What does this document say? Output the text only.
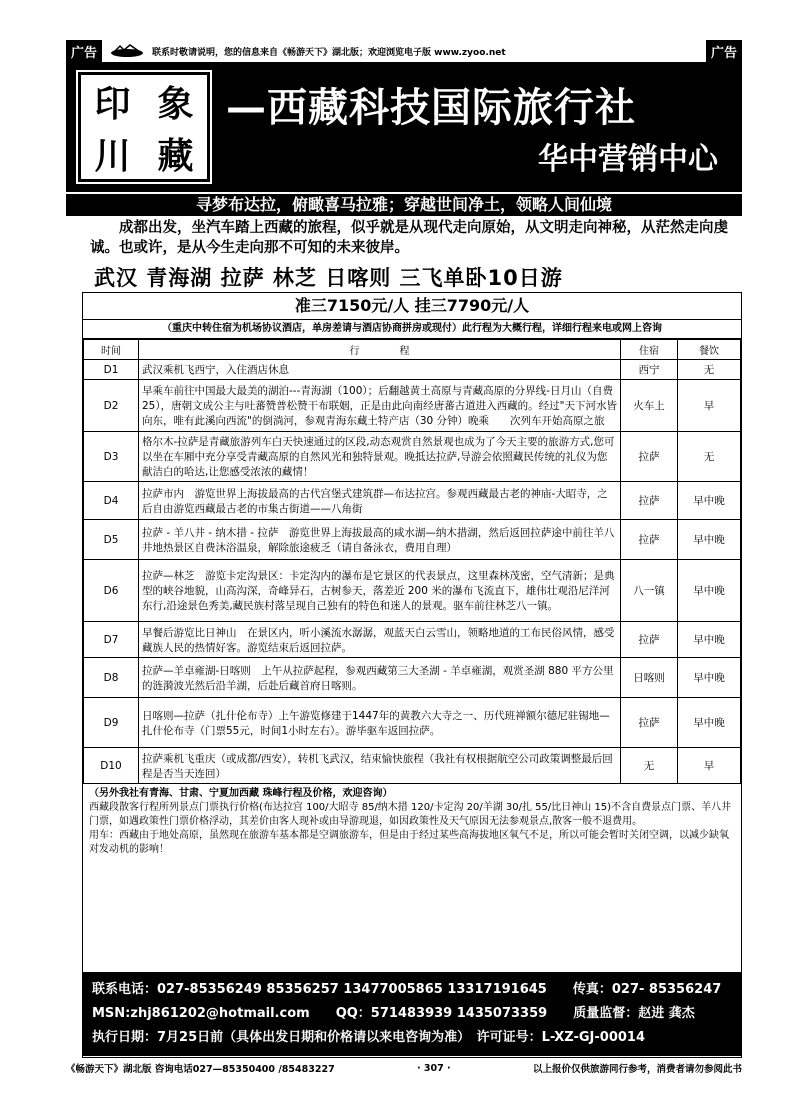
广告	联系时敬请说明，您的信息来自《畅游天下》湖北版；欢迎浏览电子版 www.zyoo.net	广告
印 象
川 藏
—西藏科技国际旅行社
华中营销中心
寻梦布达拉，俯瞰喜马拉雅；穿越世间净土，领略人间仙境
成都出发，坐汽车踏上西藏的旅程，似乎就是从现代走向原始，从文明走向神秘，从茫然走向虔诚。也或许，是从今生走向那不可知的未来彼岸。
武汉 青海湖 拉萨 林芝 日喀则 三飞单卧10日游
准三7150元/人 挂三7790元/人
（重庆中转住宿为机场协议酒店，单房差请与酒店协商拼房或现付）此行程为大概行程，详细行程来电或网上咨询
时间	行　　　　程	住宿	餐饮
D1	武汉乘机飞西宁，入住酒店休息	西宁	无
D2	早乘车前往中国最大最美的湖泊---青海湖（100）；后翻越黄土高原与青藏高原的分界线-日月山（自费 25），唐朝文成公主与吐蕃赞普松赞干布联姻，正是由此向南经唐蕃古道进入西藏的。经过"天下河水皆向东，唯有此溪向西流"的倒淌河，参观青海东藏土特产店（30 分钟）晚乘　　次列车开始高原之旅	火车上	早
D3	格尔木-拉萨是青藏旅游列车白天快速通过的区段,动态观赏自然景观也成为了今天主要的旅游方式,您可以坐在车厢中充分享受青藏高原的自然风光和独特景观。晚抵达拉萨,导游会依照藏民传统的礼仪为您献洁白的哈达,让您感受浓浓的藏情！	拉萨	无
D4	拉萨市内　游览世界上海拔最高的古代宫堡式建筑群—布达拉宫。参观西藏最古老的神庙-大昭寺，之后自由游览西藏最古老的市集古街道——八角街	拉萨	早中晚
D5	拉萨 - 羊八井 - 纳木措 - 拉萨　游览世界上海拔最高的咸水湖—纳木措湖，然后返回拉萨途中前往羊八井地热景区自费沐浴温泉，解除旅途疲乏（请自备泳衣，费用自理）	拉萨	早中晚
D6	拉萨—林芝　游览卡定沟景区：卡定沟内的瀑布是它景区的代表景点，这里森林茂密，空气清新；是典型的峡谷地貌，山高沟深，奇峰异石，古树参天，落差近 200 米的瀑布飞流直下，雄伟壮观沿尼洋河东行,沿途景色秀美,藏民族村落呈现自己独有的特色和迷人的景观。驱车前往林芝八一镇。	八一镇	早中晚
D7	早餐后游览比日神山　在景区内，听小溪流水潺潺，观蓝天白云雪山，领略地道的工布民俗风情，感受藏族人民的热情好客。游览结束后返回拉萨。	拉萨	早中晚
D8	拉萨—羊卓雍湖-日喀则　上午从拉萨起程，参观西藏第三大圣湖 - 羊卓雍湖，观赏圣湖 880 平方公里的涟漪波光然后沿羊湖，后赴后藏首府日喀则。	日喀则	早中晚
D9	日喀则—拉萨（扎什伦布寺）上午游览修建于1447年的黄教六大寺之一、历代班禅额尔德尼驻锡地—扎什伦布寺（门票55元，时间1小时左右）。游毕驱车返回拉萨。	拉萨	早中晚
D10	拉萨乘机飞重庆（或成都/西安），转机飞武汉，结束愉快旅程（我社有权根据航空公司政策调整最后回程是否当天连回）	无	早

（另外我社有青海、甘肃、宁夏加西藏 珠峰行程及价格，欢迎咨询）

西藏段散客行程所列景点门票执行价格(布达拉宫 100/大昭寺 85/纳木措 120/卡定沟 20/羊湖 30/扎 55/比日神山 15)不含自费景点门票、羊八井门票，如遇政策性门票价格浮动，其差价由客人现补或由导游现退，如因政策性及天气原因无法参观景点,散客一般不退费用。

用车：西藏由于地处高原，虽然现在旅游车基本都是空调旅游车，但是由于经过某些高海拔地区氧气不足，所以可能会暂时关闭空调，以减少缺氧对发动机的影响！

联系电话：027-85356249 85356257 13477005865 13317191645　　 传真：027- 85356247
MSN:zhj861202@hotmail.com　　 QQ：571483939 1435073359　　 质量监督：赵进 龚杰
执行日期：7月25日前（具体出发日期和价格请以来电咨询为准）　 许可证号：L-XZ-GJ-00014
《畅游天下》湖北版 咨询电话027—85350400 /85483227	· 307 ·	以上报价仅供旅游同行参考，消费者请勿参阅此书
